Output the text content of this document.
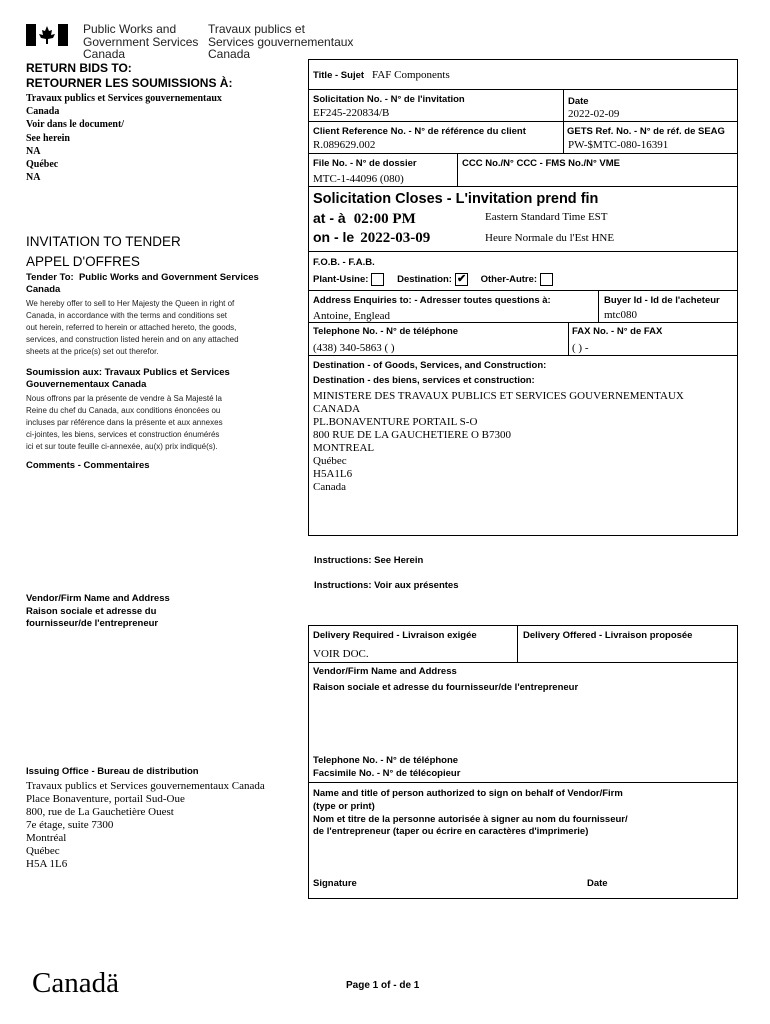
Public Works and
Government Services
Canada
Travaux publics et
Services gouvernementaux
Canada
RETURN BIDS TO:
RETOURNER LES SOUMISSIONS À:
Travaux publics et Services gouvernementaux
Canada
Voir dans le document/
See herein
NA
Québec
NA
INVITATION TO TENDER
APPEL D'OFFRES
Tender To: Public Works and Government Services Canada
We hereby offer to sell to Her Majesty the Queen in right of
Canada, in accordance with the terms and conditions set
out herein, referred to herein or attached hereto, the goods,
services, and construction listed herein and on any attached
sheets at the price(s) set out therefor.
Soumission aux: Travaux Publics et Services Gouvernementaux Canada
Nous offrons par la présente de vendre à Sa Majesté la
Reine du chef du Canada, aux conditions énoncées ou
incluses par référence dans la présente et aux annexes
ci-jointes, les biens, services et construction énumérés
ici et sur toute feuille ci-annexée, au(x) prix indiqué(s).
Comments - Commentaires
Vendor/Firm Name and Address
Raison sociale et adresse du
fournisseur/de l'entrepreneur
Issuing Office - Bureau de distribution
Travaux publics et Services gouvernementaux Canada
Place Bonaventure, portail Sud-Oue
800, rue de La Gauchetière Ouest
7e étage, suite 7300
Montréal
Québec
H5A 1L6
Title - Sujet FAF Components
Solicitation No. - N° de l'invitation
EF245-220834/B
Date
2022-02-09
Client Reference No. - N° de référence du client
R.089629.002
GETS Ref. No. - N° de réf. de SEAG
PW-$MTC-080-16391
File No. - N° de dossier
MTC-1-44096 (080)
CCC No./N° CCC - FMS No./N° VME
Solicitation Closes - L'invitation prend fin
at - à 02:00 PM
on - le 2022-03-09
Eastern Standard Time EST
Heure Normale du l'Est HNE
F.O.B. - F.A.B.
Plant-Usine:	Destination: ✔ Other-Autre:
Address Enquiries to: - Adresser toutes questions à:
Antoine, Englead
Buyer Id - Id de l'acheteur
mtc080
Telephone No. - N° de téléphone
(438) 340-5863 ( )
FAX No. - N° de FAX
( ) -
Destination - of Goods, Services, and Construction:
Destination - des biens, services et construction:
MINISTERE DES TRAVAUX PUBLICS ET SERVICES GOUVERNEMENTAUX
CANADA
PL.BONAVENTURE PORTAIL S-O
800 RUE DE LA GAUCHETIERE O B7300
MONTREAL
Québec
H5A1L6
Canada
Instructions: See Herein
Instructions: Voir aux présentes
Delivery Required - Livraison exigée
VOIR DOC.
Delivery Offered - Livraison proposée
Vendor/Firm Name and Address
Raison sociale et adresse du fournisseur/de l'entrepreneur
Telephone No. - N° de téléphone
Facsimile No. - N° de télécopieur
Name and title of person authorized to sign on behalf of Vendor/Firm
(type or print)
Nom et titre de la personne autorisée à signer au nom du fournisseur/
de l'entrepreneur (taper ou écrire en caractères d'imprimerie)
Signature	Date
Canadä	Page 1 of - de 1
